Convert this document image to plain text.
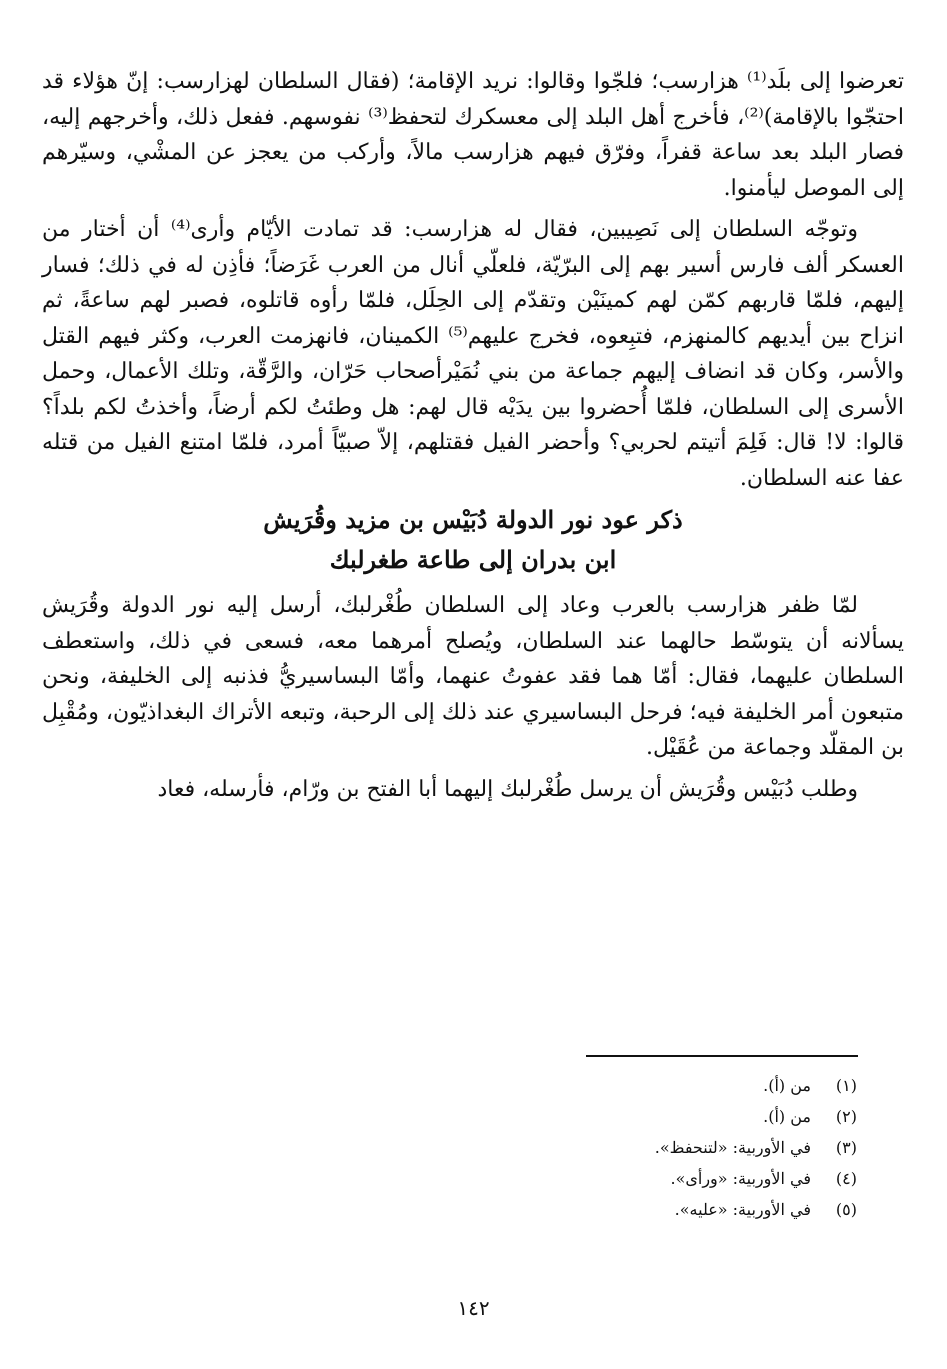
تعرضوا إلى بلَد⁽¹⁾ هزارسب؛ فلجّوا وقالوا: نريد الإقامة؛ (فقال السلطان لهزارسب: إنّ هؤلاء قد احتجّوا بالإقامة)⁽²⁾، فأخرج أهل البلد إلى معسكرك لتحفظ⁽³⁾ نفوسهم. ففعل ذلك، وأخرجهم إليه، فصار البلد بعد ساعة قفراً، وفرّق فيهم هزارسب مالاً، وأركب من يعجز عن المشْي، وسيّرهم إلى الموصل ليأمنوا.

وتوجّه السلطان إلى نَصِيبين، فقال له هزارسب: قد تمادت الأيّام وأرى⁽⁴⁾ أن أختار من العسكر ألف فارس أسير بهم إلى البرّيّة، فلعلّي أنال من العرب غَرَضاً؛ فأذِن له في ذلك؛ فسار إليهم، فلمّا قاربهم كمّن لهم كمينَيْن وتقدّم إلى الحِلَل، فلمّا رأوه قاتلوه، فصبر لهم ساعةً، ثم انزاح بين أيديهم كالمنهزم، فتبِعوه، فخرج عليهم⁽⁵⁾ الكمينان، فانهزمت العرب، وكثر فيهم القتل والأسر، وكان قد انضاف إليهم جماعة من بني نُمَيْرأصحاب حَرّان، والرَّقّة، وتلك الأعمال، وحمل الأسرى إلى السلطان، فلمّا أُحضروا بين يدَيْه قال لهم: هل وطئتُ لكم أرضاً، وأخذتُ لكم بلداً؟ قالوا: لا! قال: فَلِمَ أتيتم لحربي؟ وأحضر الفيل فقتلهم، إلاّ صبيّاً أمرد، فلمّا امتنع الفيل من قتله عفا عنه السلطان.

ذكر عود نور الدولة دُبَيْس بن مزيد وقُرَيش
ابن بدران إلى طاعة طغرلبك

لمّا ظفر هزارسب بالعرب وعاد إلى السلطان طُغْرلبك، أرسل إليه نور الدولة وقُرَيش يسألانه أن يتوسّط حالهما عند السلطان، ويُصلح أمرهما معه، فسعى في ذلك، واستعطف السلطان عليهما، فقال: أمّا هما فقد عفوتُ عنهما، وأمّا البساسيريُّ فذنبه إلى الخليفة، ونحن متبعون أمر الخليفة فيه؛ فرحل البساسيري عند ذلك إلى الرحبة، وتبعه الأتراك البغداذيّون، ومُقْبِل بن المقلّد وجماعة من عُقَيْل.

وطلب دُبَيْس وقُرَيش أن يرسل طُغْرلبك إليهما أبا الفتح بن ورّام، فأرسله، فعاد

(١)
من (أ).
(٢)
من (أ).
(٣)
في الأوربية: «لتنحفظ».
(٤)
في الأوربية: «ورأى».
(٥)
في الأوربية: «عليه».
١٤٢
